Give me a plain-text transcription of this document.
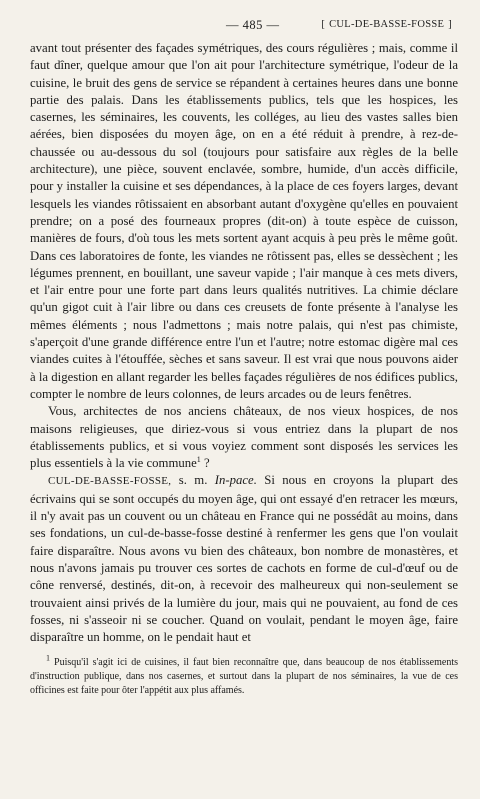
— 485 —	[ CUL-DE-BASSE-FOSSE ]

avant tout présenter des façades symétriques, des cours régulières ; mais, comme il faut dîner, quelque amour que l'on ait pour l'architecture symétrique, l'odeur de la cuisine, le bruit des gens de service se répandent à certaines heures dans une bonne partie des palais. Dans les établissements publics, tels que les hospices, les casernes, les séminaires, les couvents, les colléges, au lieu des vastes salles bien aérées, bien disposées du moyen âge, on en a été réduit à prendre, à rez-de-chaussée ou au-dessous du sol (toujours pour satisfaire aux règles de la belle architecture), une pièce, souvent enclavée, sombre, humide, d'un accès difficile, pour y installer la cuisine et ses dépendances, à la place de ces foyers larges, devant lesquels les viandes rôtissaient en absorbant autant d'oxygène qu'elles en pouvaient prendre; on a posé des fourneaux propres (dit-on) à toute espèce de cuisson, manières de fours, d'où tous les mets sortent ayant acquis à peu près le même goût. Dans ces laboratoires de fonte, les viandes ne rôtissent pas, elles se dessèchent ; les légumes prennent, en bouillant, une saveur vapide ; l'air manque à ces mets divers, et l'air entre pour une forte part dans leurs qualités nutritives. La chimie déclare qu'un gigot cuit à l'air libre ou dans ces creusets de fonte présente à l'analyse les mêmes éléments ; nous l'admettons ; mais notre palais, qui n'est pas chimiste, s'aperçoit d'une grande différence entre l'un et l'autre; notre estomac digère mal ces viandes cuites à l'étouffée, sèches et sans saveur. Il est vrai que nous pouvons aider à la digestion en allant regarder les belles façades régulières de nos édifices publics, compter le nombre de leurs colonnes, de leurs arcades ou de leurs fenêtres.

Vous, architectes de nos anciens châteaux, de nos vieux hospices, de nos maisons religieuses, que diriez-vous si vous entriez dans la plupart de nos établissements publics, et si vous voyiez comment sont disposés les services les plus essentiels à la vie commune$^1$ ?

CUL-DE-BASSE-FOSSE, s. m. In-pace. Si nous en croyons la plupart des écrivains qui se sont occupés du moyen âge, qui ont essayé d'en retracer les mœurs, il n'y avait pas un couvent ou un château en France qui ne possédât au moins, dans ses fondations, un cul-de-basse-fosse destiné à renfermer les gens que l'on voulait faire disparaître. Nous avons vu bien des châteaux, bon nombre de monastères, et nous n'avons jamais pu trouver ces sortes de cachots en forme de cul-d'œuf ou de cône renversé, destinés, dit-on, à recevoir des malheureux qui non-seulement se trouvaient ainsi privés de la lumière du jour, mais qui ne pouvaient, au fond de ces fosses, ni s'asseoir ni se coucher. Quand on voulait, pendant le moyen âge, faire disparaître un homme, on le pendait haut et

$^1$ Puisqu'il s'agit ici de cuisines, il faut bien reconnaître que, dans beaucoup de nos établissements d'instruction publique, dans nos casernes, et surtout dans la plupart de nos séminaires, la vue de ces officines est faite pour ôter l'appétit aux plus affamés.
